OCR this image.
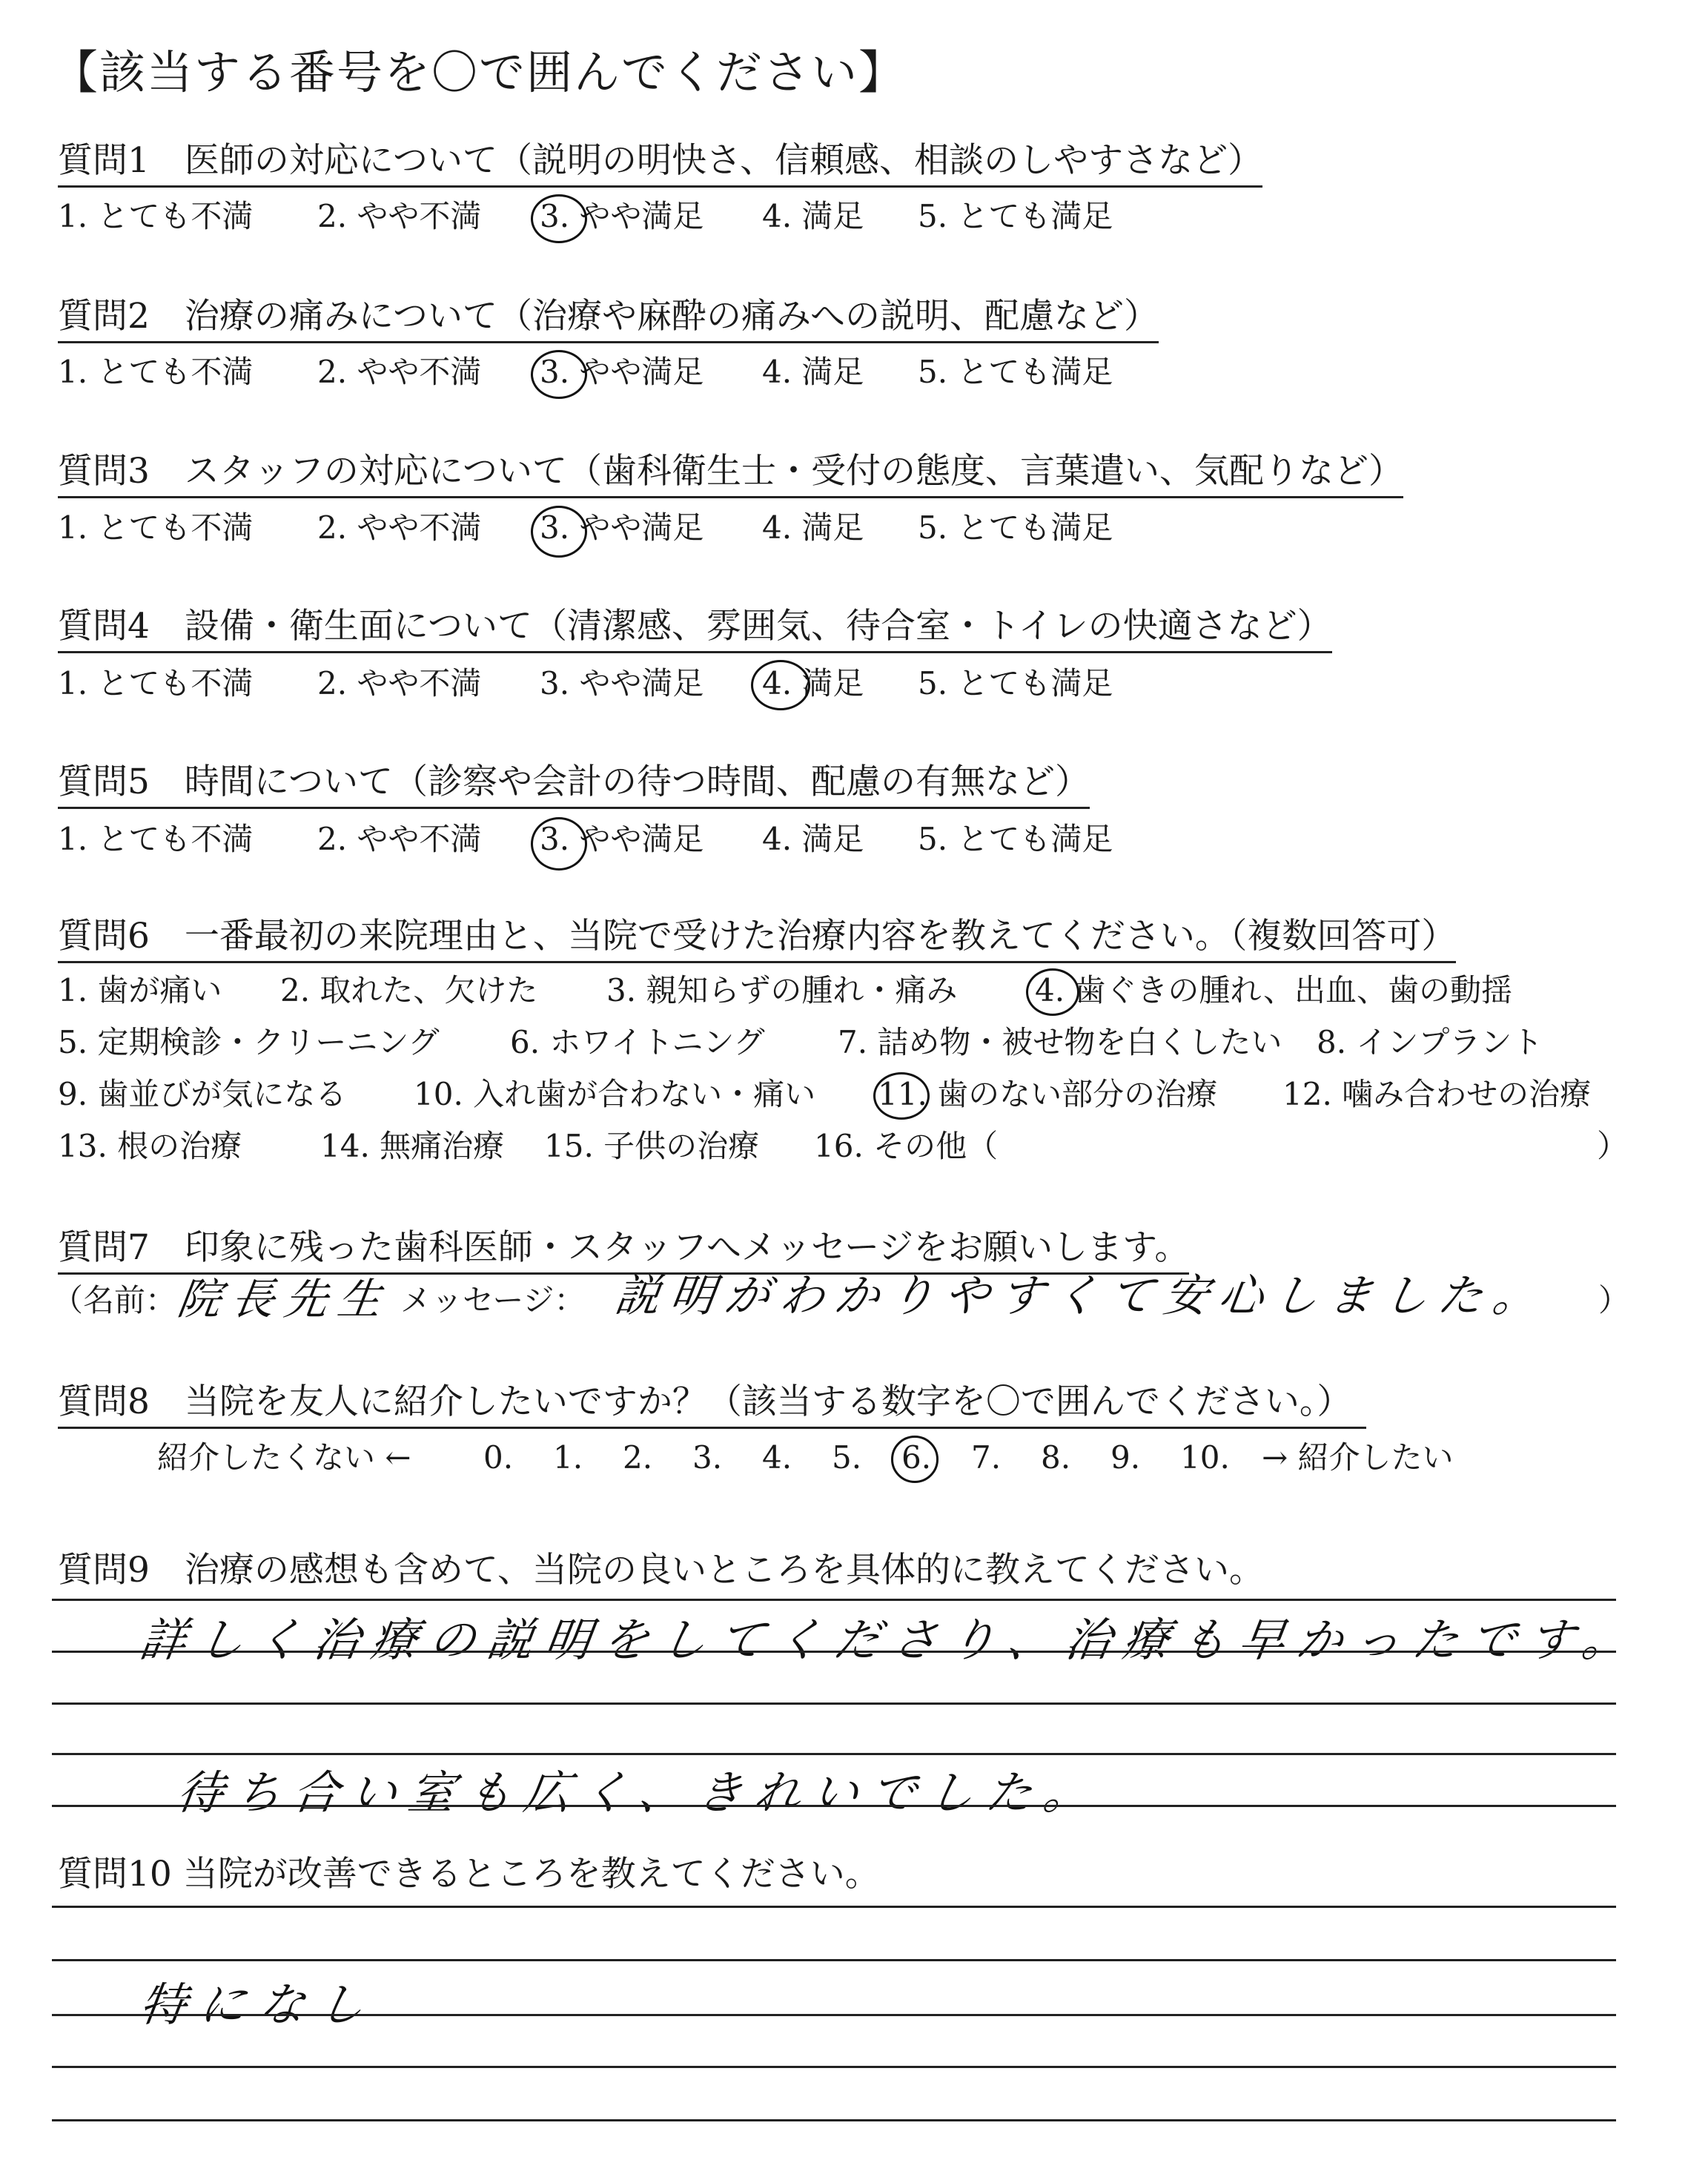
【該当する番号を〇で囲んでください】
質問1　医師の対応について（説明の明快さ、信頼感、相談のしやすさなど）
1. とても不満 2. やや不満 3. やや満足 4. 満足 5. とても満足
質問2　治療の痛みについて（治療や麻酔の痛みへの説明、配慮など）
1. とても不満 2. やや不満 3. やや満足 4. 満足 5. とても満足
質問3　スタッフの対応について（歯科衛生士・受付の態度、言葉遣い、気配りなど）
1. とても不満 2. やや不満 3. やや満足 4. 満足 5. とても満足
質問4　設備・衛生面について（清潔感、雰囲気、待合室・トイレの快適さなど）
1. とても不満 2. やや不満 3. やや満足 4. 満足 5. とても満足
質問5　時間について（診察や会計の待つ時間、配慮の有無など）
1. とても不満 2. やや不満 3. やや満足 4. 満足 5. とても満足
質問6　一番最初の来院理由と、当院で受けた治療内容を教えてください。（複数回答可）
1. 歯が痛い 2. 取れた、欠けた 3. 親知らずの腫れ・痛み 4. 歯ぐきの腫れ、出血、歯の動揺
5. 定期検診・クリーニング 6. ホワイトニング 7. 詰め物・被せ物を白くしたい 8. インプラント
9. 歯並びが気になる 10. 入れ歯が合わない・痛い 11. 歯のない部分の治療 12. 噛み合わせの治療
13. 根の治療	14. 無痛治療 15. 子供の治療 16. その他（	）
質問7　印象に残った歯科医師・スタッフへメッセージをお願いします。
（名前：
院長先生 メッセージ： 説明がわかりやすくて安心しました。 ）
質問8　当院を友人に紹介したいですか？（該当する数字を〇で囲んでください。）
紹介したくない ← 0. 1. 2. 3. 4. 5. 6. 7. 8. 9. 10. → 紹介したい
質問9　治療の感想も含めて、当院の良いところを具体的に教えてください。
詳しく治療の説明をしてくださり、治療も早かったです。
待ち合い室も広く、きれいでした。
質問10 当院が改善できるところを教えてください。
特になし
